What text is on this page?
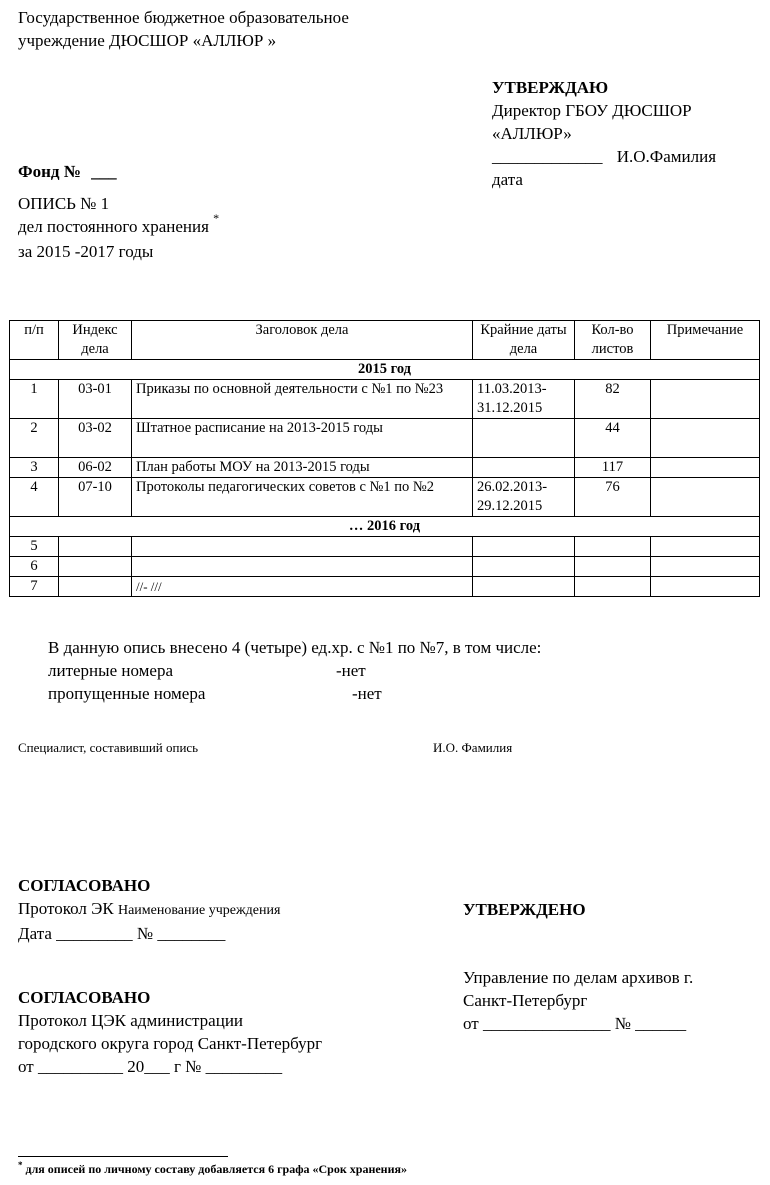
Государственное бюджетное образовательное
учреждение ДЮСШОР «АЛЛЮР »
УТВЕРЖДАЮ
Директор ГБОУ ДЮСШОР
«АЛЛЮР»
_____________ И.О.Фамилия
дата
Фонд № ___
ОПИСЬ № 1
дел постоянного хранения *
за 2015 -2017 годы
п/п	Индекс дела	Заголовок дела	Крайние даты дела	Кол-во листов	Примечание
2015 год					
1	03-01	Приказы по основной деятельности с №1 по №23	11.03.2013-31.12.2015	82	
2	03-02	Штатное расписание на 2013-2015 годы		44	
3	06-02	План работы МОУ на 2013-2015 годы		117	
4	07-10	Протоколы педагогических советов с №1 по №2	26.02.2013-29.12.2015	76	
… 2016 год					
5					
6					
7		//- ///			
В данную опись внесено 4 (четыре) ед.хр. с №1 по №7, в том числе:
литерные номера	-нет
пропущенные номера	-нет
Специалист, составивший опись	И.О. Фамилия
СОГЛАСОВАНО
Протокол ЭК Наименование учреждения
Дата _________ № ________
УТВЕРЖДЕНО
Управление по делам архивов г.
Санкт-Петербург
от _______________ № ______
СОГЛАСОВАНО
Протокол ЦЭК администрации
городского округа город Санкт-Петербург
от __________ 20___ г № _________
* для описей по личному составу добавляется 6 графа «Срок хранения»
